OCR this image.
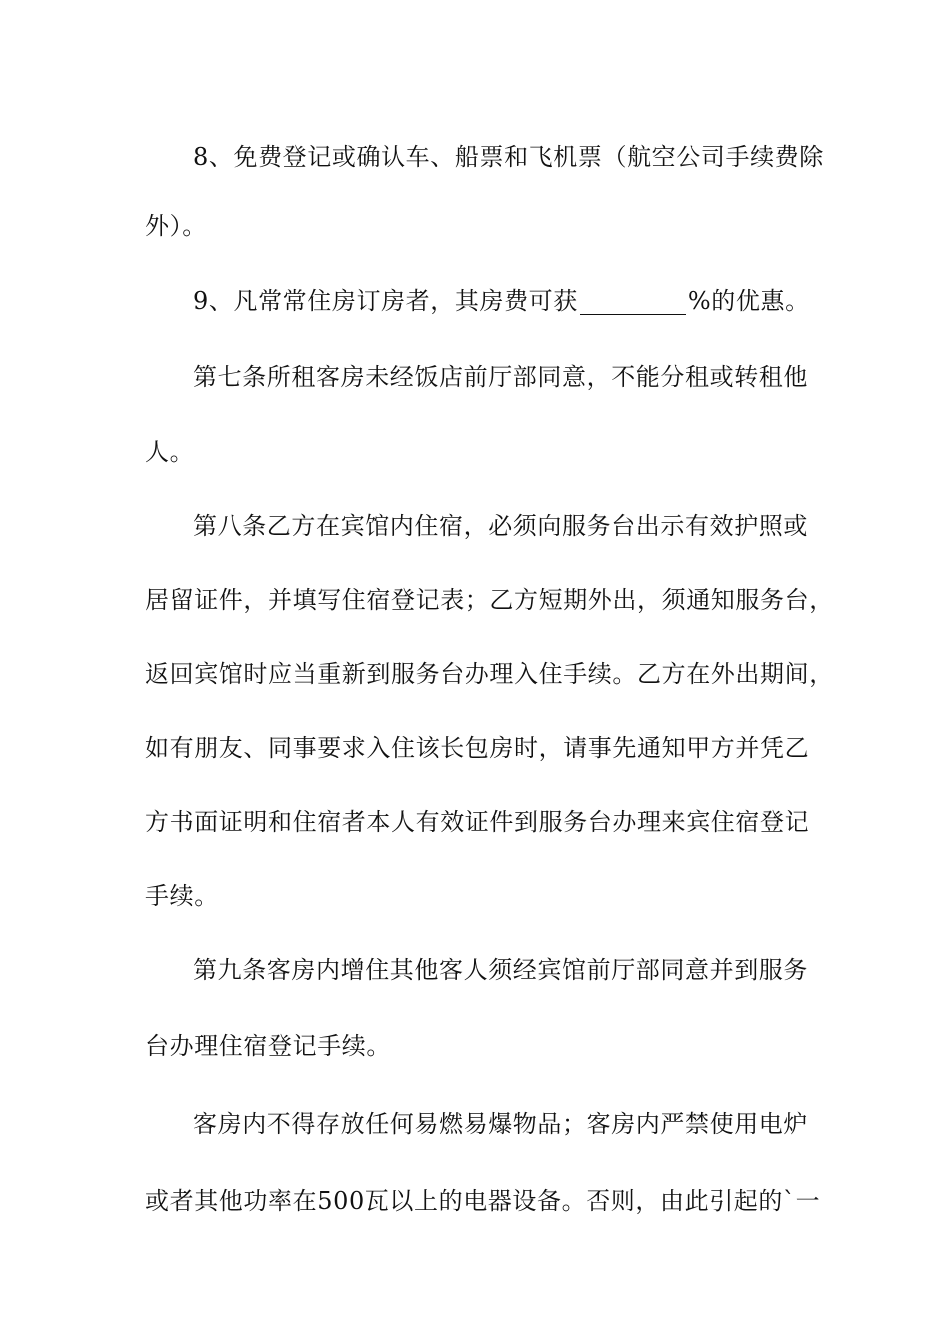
8、免费登记或确认车、船票和飞机票（航空公司手续费除
外）。
9、凡常常住房订房者，其房费可获	%的优惠。
第七条所租客房未经饭店前厅部同意，不能分租或转租他
人。
第八条乙方在宾馆内住宿，必须向服务台出示有效护照或
居留证件，并填写住宿登记表；乙方短期外出，须通知服务台，
返回宾馆时应当重新到服务台办理入住手续。乙方在外出期间，
如有朋友、同事要求入住该长包房时，请事先通知甲方并凭乙
方书面证明和住宿者本人有效证件到服务台办理来宾住宿登记
手续。
第九条客房内增住其他客人须经宾馆前厅部同意并到服务
台办理住宿登记手续。
客房内不得存放任何易燃易爆物品；客房内严禁使用电炉
或者其他功率在500瓦以上的电器设备。否则，由此引起的`一
